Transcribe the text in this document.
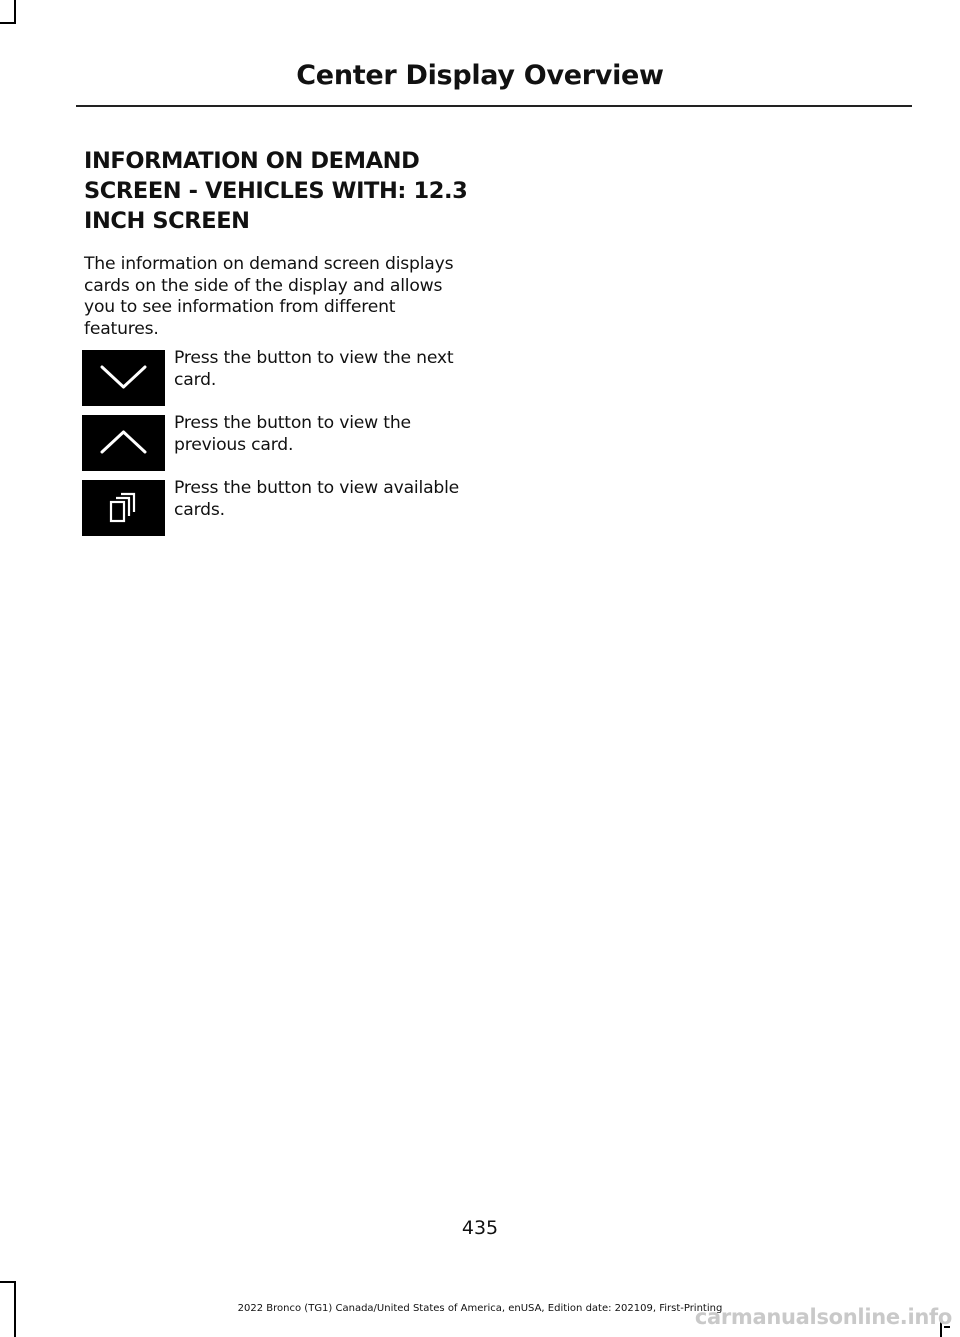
Center Display Overview
INFORMATION ON DEMAND SCREEN - VEHICLES WITH: 12.3 INCH SCREEN

The information on demand screen displays cards on the side of the display and allows you to see information from different features.

Press the button to view the next card.

Press the button to view the previous card.

Press the button to view available cards.

435
2022 Bronco (TG1) Canada/United States of America, enUSA, Edition date: 202109, First-Printing
carmanualsonline.info
